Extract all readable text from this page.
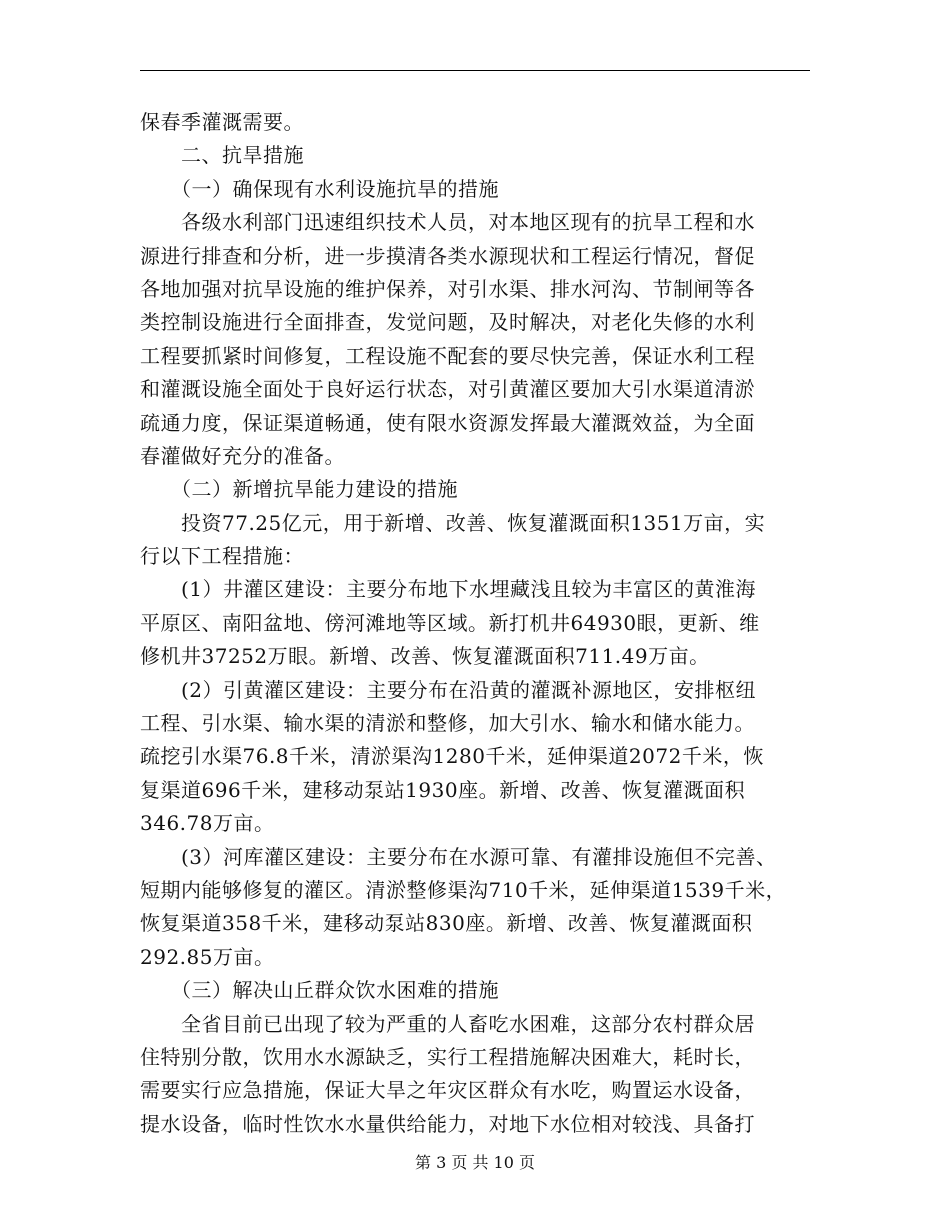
保春季灌溉需要。
　　二、抗旱措施
　　（一）确保现有水利设施抗旱的措施
　　各级水利部门迅速组织技术人员，对本地区现有的抗旱工程和水
源进行排查和分析，进一步摸清各类水源现状和工程运行情况，督促
各地加强对抗旱设施的维护保养，对引水渠、排水河沟、节制闸等各
类控制设施进行全面排查，发觉问题，及时解决，对老化失修的水利
工程要抓紧时间修复，工程设施不配套的要尽快完善，保证水利工程
和灌溉设施全面处于良好运行状态，对引黄灌区要加大引水渠道清淤
疏通力度，保证渠道畅通，使有限水资源发挥最大灌溉效益，为全面
春灌做好充分的准备。
　　（二）新增抗旱能力建设的措施
　　投资77.25亿元，用于新增、改善、恢复灌溉面积1351万亩，实
行以下工程措施：
　　(1）井灌区建设：主要分布地下水埋藏浅且较为丰富区的黄淮海
平原区、南阳盆地、傍河滩地等区域。新打机井64930眼，更新、维
修机井37252万眼。新增、改善、恢复灌溉面积711.49万亩。
　　(2）引黄灌区建设：主要分布在沿黄的灌溉补源地区，安排枢纽
工程、引水渠、输水渠的清淤和整修，加大引水、输水和储水能力。
疏挖引水渠76.8千米，清淤渠沟1280千米，延伸渠道2072千米，恢
复渠道696千米，建移动泵站1930座。新增、改善、恢复灌溉面积
346.78万亩。
　　(3）河库灌区建设：主要分布在水源可靠、有灌排设施但不完善、
短期内能够修复的灌区。清淤整修渠沟710千米，延伸渠道1539千米，
恢复渠道358千米，建移动泵站830座。新增、改善、恢复灌溉面积
292.85万亩。
　　（三）解决山丘群众饮水困难的措施
　　全省目前已出现了较为严重的人畜吃水困难，这部分农村群众居
住特别分散，饮用水水源缺乏，实行工程措施解决困难大，耗时长，
需要实行应急措施，保证大旱之年灾区群众有水吃，购置运水设备，
提水设备，临时性饮水水量供给能力，对地下水位相对较浅、具备打
第 3 页 共 10 页
